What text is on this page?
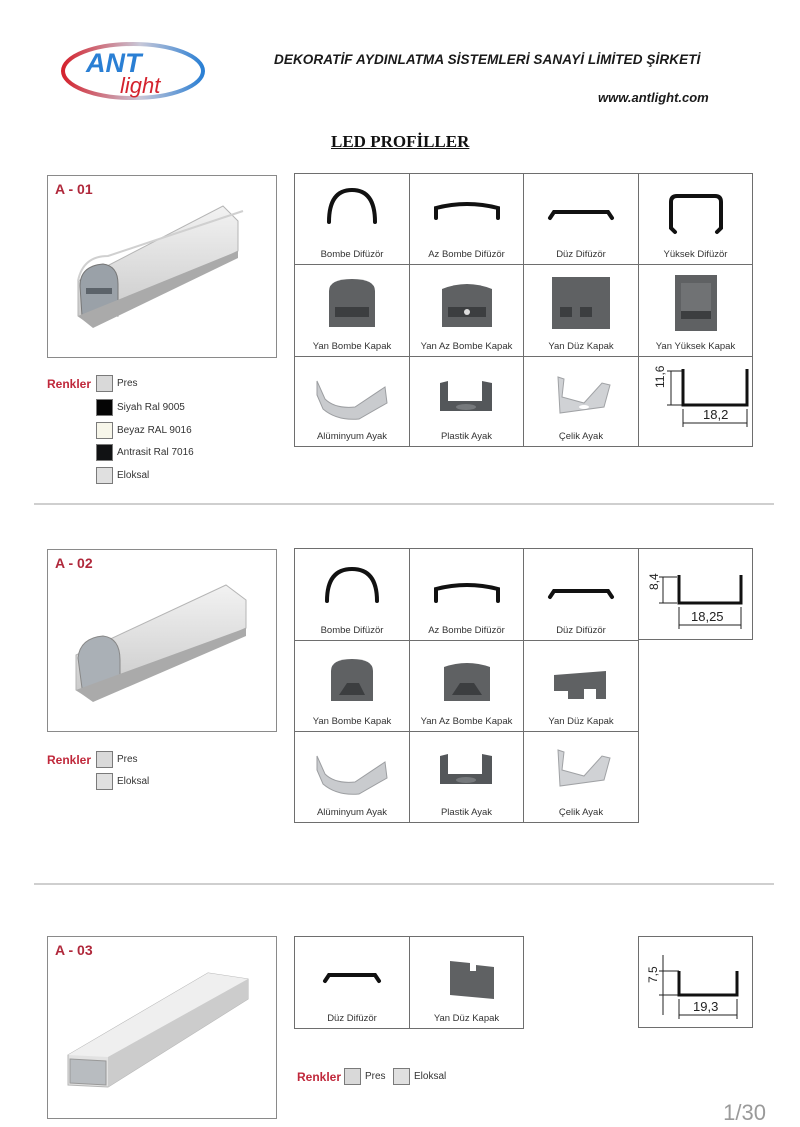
ANT
light
DEKORATİF AYDINLATMA SİSTEMLERİ SANAYİ LİMİTED ŞİRKETİ
www.antlight.com
LED PROFİLLER
A - 01
Renkler	Pres
Siyah Ral 9005
Beyaz RAL 9016
Antrasit Ral 7016
Eloksal
Bombe Difüzör	Az Bombe Difüzör	Düz Difüzör	Yüksek Difüzör
Yan Bombe Kapak	Yan Az Bombe Kapak	Yan Düz Kapak	Yan Yüksek Kapak
Alüminyum Ayak	Plastik Ayak	Çelik Ayak
11,6
18,2
A - 02
Renkler	Pres
Eloksal
Bombe Difüzör	Az Bombe Difüzör	Düz Difüzör
Yan Bombe Kapak	Yan Az Bombe Kapak	Yan Düz Kapak
Alüminyum Ayak	Plastik Ayak	Çelik Ayak
8,4
18,25
A - 03
Düz Difüzör	Yan Düz Kapak
7,5
19,3
Renkler Pres	Eloksal
1/30
